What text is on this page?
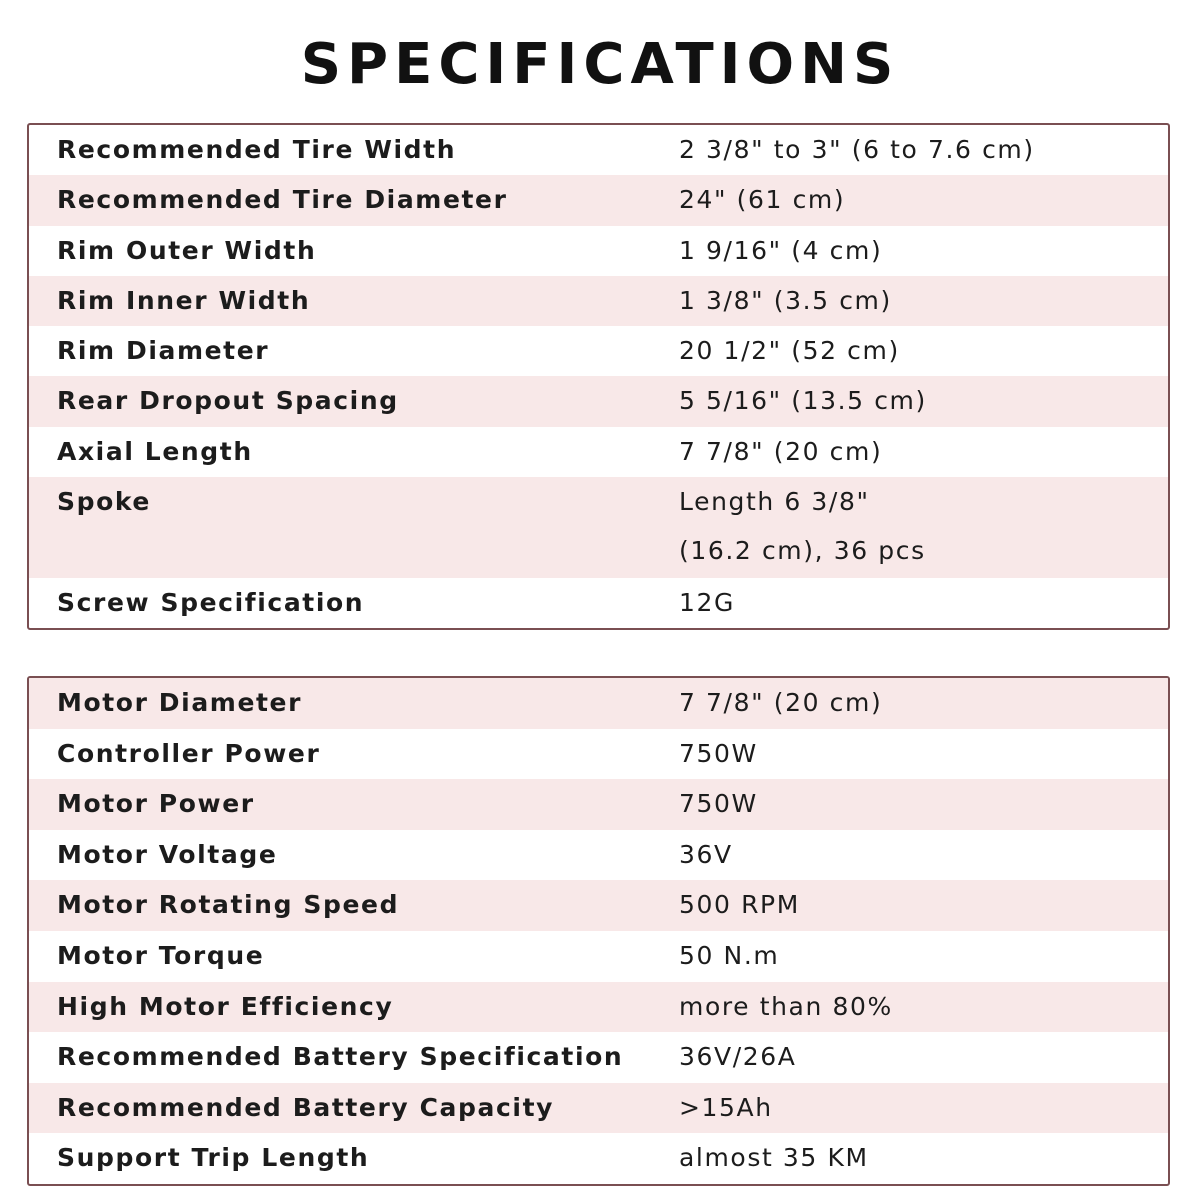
SPECIFICATIONS
Recommended Tire Width	2 3/8" to 3" (6 to 7.6 cm)
Recommended Tire Diameter	24" (61 cm)
Rim Outer Width	1 9/16" (4 cm)
Rim Inner Width	1 3/8" (3.5 cm)
Rim Diameter	20 1/2" (52 cm)
Rear Dropout Spacing	5 5/16" (13.5 cm)
Axial Length	7 7/8" (20 cm)
Spoke	Length 6 3/8"
(16.2 cm), 36 pcs
Screw Specification	12G
Motor Diameter	7 7/8" (20 cm)
Controller Power	750W
Motor Power	750W
Motor Voltage	36V
Motor Rotating Speed	500 RPM
Motor Torque	50 N.m
High Motor Efficiency	more than 80%
Recommended Battery Specification 36V/26A
Recommended Battery Capacity	>15Ah
Support Trip Length	almost 35 KM
